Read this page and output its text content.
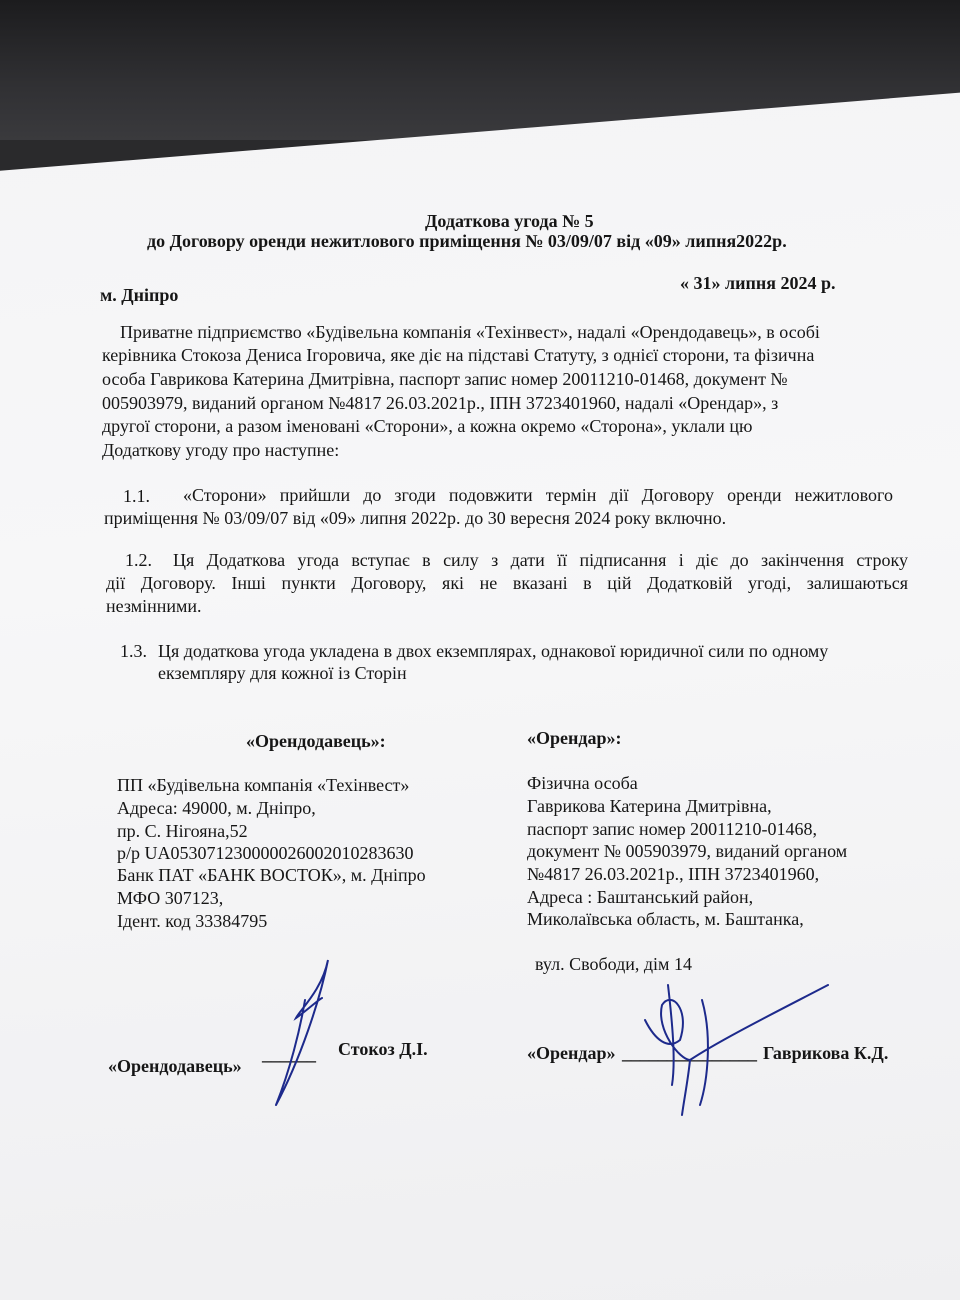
Додаткова угода № 5
до Договору оренди нежитлового приміщення № 03/09/07 від «09» липня2022р.
м. Дніпро
« 31» липня 2024 р.
Приватне підприємство «Будівельна компанія «Техінвест», надалі «Орендодавець», в особі
керівника Стокоза Дениса Ігоровича, яке діє на підставі Статуту, з однієї сторони, та фізична
особа Гаврикова Катерина Дмитрівна, паспорт запис номер 20011210-01468, документ №
005903979, виданий органом №4817 26.03.2021р., ІПН 3723401960, надалі «Орендар», з
другої сторони, а разом іменовані «Сторони», а кожна окремо «Сторона», уклали цю
Додаткову угоду про наступне:
1.1. «Сторони» прийшли до згоди подовжити термін дії Договору оренди нежитлового
приміщення № 03/09/07 від «09» липня 2022р. до 30 вересня 2024 року включно.
1.2. Ця Додаткова угода вступає в силу з дати її підписання і діє до закінчення строку
дії Договору. Інші пункти Договору, які не вказані в цій Додатковій угоді, залишаються
незмінними.
1.3. Ця додаткова угода укладена в двох екземплярах, однакової юридичної сили по одному
екземпляру для кожної із Сторін
«Орендодавець»:
ПП «Будівельна компанія «Техінвест»
Адреса: 49000, м. Дніпро,
пр. С. Нігояна,52
р/р UA053071230000026002010283630
Банк ПАТ «БАНК ВОСТОК», м. Дніпро
МФО 307123,
Ідент. код 33384795
«Орендар»:
Фізична особа
Гаврикова Катерина Дмитрівна,
паспорт запис номер 20011210-01468,
документ № 005903979, виданий органом
№4817 26.03.2021р., ІПН 3723401960,
Адреса : Баштанський район,
Миколаївська область, м. Баштанка,
вул. Свободи, дім 14
«Орендодавець»
______ Стокоз Д.І.	«Орендар» _______________ Гаврикова К.Д.
